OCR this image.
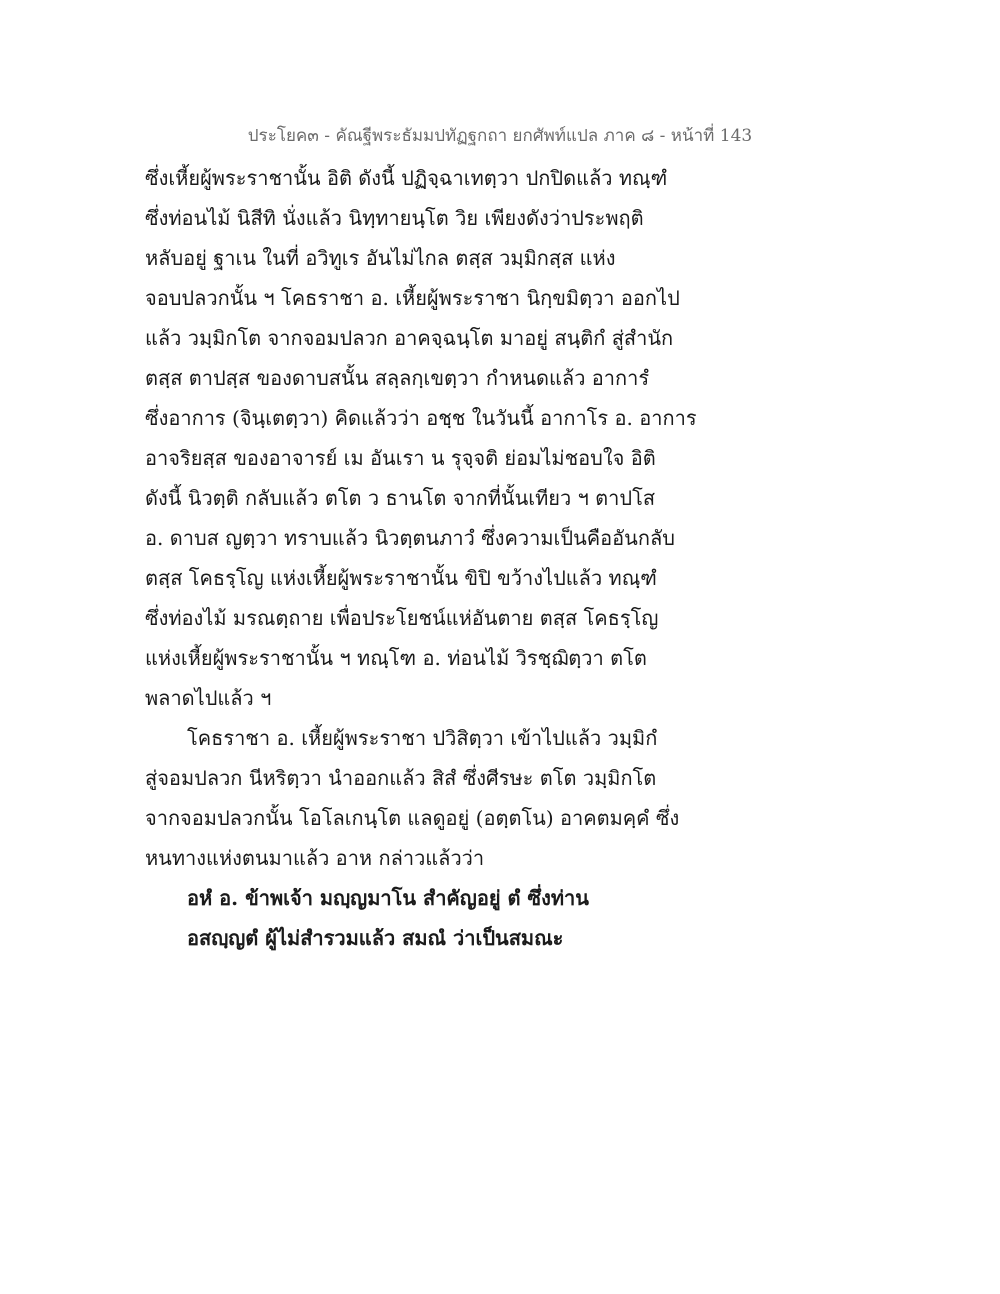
ประโยค๓ - คัณฐีพระธัมมปทัฏฐกถา ยกศัพท์แปล ภาค ๘ - หน้าที่ 143
ซึ่งเหี้ยผู้พระราชานั้น อิติ ดังนี้ ปฏิจฺฉาเทตฺวา ปกปิดแล้ว ทณฺฑํ
ซึ่งท่อนไม้ นิสีทิ นั่งแล้ว นิทฺทายนฺโต วิย เพียงดังว่าประพฤติ
หลับอยู่ ฐาเน ในที่ อวิทูเร อันไม่ไกล ตสฺส วมฺมิกสฺส แห่ง
จอบปลวกนั้น ฯ โคธราชา อ. เหี้ยผู้พระราชา นิกฺขมิตฺวา ออกไป
แล้ว วมฺมิกโต จากจอมปลวก อาคจฺฉนฺโต มาอยู่ สนฺติกํ สู่สำนัก
ตสฺส ตาปสฺส ของดาบสนั้น สลฺลกฺเขตฺวา กำหนดแล้ว อาการํ
ซึ่งอาการ (จินฺเตตฺวา) คิดแล้วว่า อชฺช ในวันนี้ อากาโร อ. อาการ
อาจริยสฺส ของอาจารย์ เม อันเรา น รุจฺจติ ย่อมไม่ชอบใจ อิติ
ดังนี้ นิวตฺติ กลับแล้ว ตโต ว ธานโต จากที่นั้นเทียว ฯ ตาปโส
อ. ดาบส ญตฺวา ทราบแล้ว นิวตฺตนภาวํ ซึ่งความเป็นคืออันกลับ
ตสฺส โคธรฺโญ แห่งเหี้ยผู้พระราชานั้น ขิปิ ขว้างไปแล้ว ทณฺฑํ
ซึ่งท่องไม้ มรณตฺถาย เพื่อประโยชน์แห่อันตาย ตสฺส โคธรฺโญ
แห่งเหี้ยผู้พระราชานั้น ฯ ทณฺโฑ อ. ท่อนไม้ วิรชฺฌิตฺวา ตโต
พลาดไปแล้ว ฯ
โคธราชา อ. เหี้ยผู้พระราชา ปวิสิตฺวา เข้าไปแล้ว วมฺมิกํ
สู่จอมปลวก นีหริตฺวา นำออกแล้ว สิสํ ซึ่งศีรษะ ตโต วมฺมิกโต
จากจอมปลวกนั้น โอโลเกนฺโต แลดูอยู่ (อตฺตโน) อาคตมคฺคํ ซึ่ง
หนทางแห่งตนมาแล้ว อาห กล่าวแล้วว่า
อหํ อ. ข้าพเจ้า มญฺญมาโน สำคัญอยู่ ตํ ซึ่งท่าน
อสญฺญตํ ผู้ไม่สำรวมแล้ว สมณํ ว่าเป็นสมณะ
